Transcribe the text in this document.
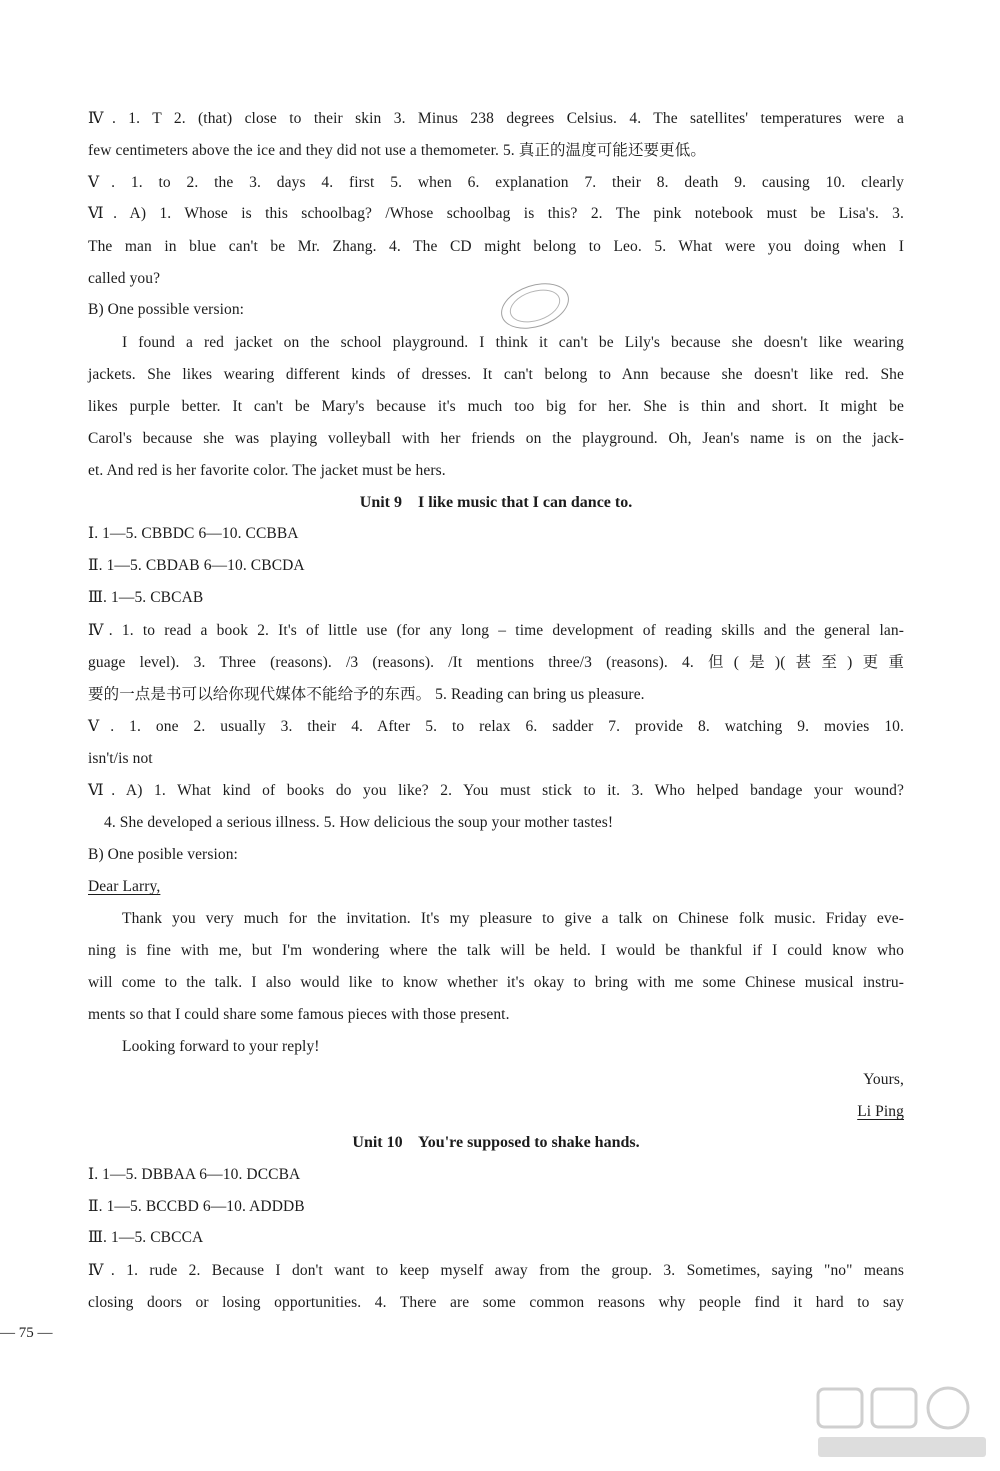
Ⅳ. 1. T 2. (that) close to their skin 3. Minus 238 degrees Celsius. 4. The satellites' temperatures were a
few centimeters above the ice and they did not use a themometer. 5. 真正的温度可能还要更低。
Ⅴ. 1. to 2. the 3. days 4. first 5. when 6. explanation 7. their 8. death 9. causing 10. clearly
Ⅵ. A) 1. Whose is this schoolbag? /Whose schoolbag is this? 2. The pink notebook must be Lisa's. 3.
The man in blue can't be Mr. Zhang. 4. The CD might belong to Leo. 5. What were you doing when I
called you?
B) One possible version:
I found a red jacket on the school playground. I think it can't be Lily's because she doesn't like wearing
jackets. She likes wearing different kinds of dresses. It can't belong to Ann because she doesn't like red. She
likes purple better. It can't be Mary's because it's much too big for her. She is thin and short. It might be
Carol's because she was playing volleyball with her friends on the playground. Oh, Jean's name is on the jack-
et. And red is her favorite color. The jacket must be hers.
Unit 9    I like music that I can dance to.
Ⅰ. 1—5. CBBDC 6—10. CCBBA
Ⅱ. 1—5. CBDAB 6—10. CBCDA
Ⅲ. 1—5. CBCAB
Ⅳ. 1. to read a book 2. It's of little use (for any long – time development of reading skills and the general lan-
guage level). 3. Three (reasons). /3 (reasons). /It mentions three/3 (reasons). 4. 但(是)(甚至)更重
要的一点是书可以给你现代媒体不能给予的东西。 5. Reading can bring us pleasure.
Ⅴ. 1. one 2. usually 3. their 4. After 5. to relax 6. sadder 7. provide 8. watching 9. movies 10.
isn't/is not
Ⅵ. A) 1. What kind of books do you like? 2. You must stick to it. 3. Who helped bandage your wound?
4. She developed a serious illness. 5. How delicious the soup your mother tastes!
B) One posible version:
Dear Larry,
Thank you very much for the invitation. It's my pleasure to give a talk on Chinese folk music. Friday eve-
ning is fine with me, but I'm wondering where the talk will be held. I would be thankful if I could know who
will come to the talk. I also would like to know whether it's okay to bring with me some Chinese musical instru-
ments so that I could share some famous pieces with those present.
Looking forward to your reply!
Yours,
Li Ping
Unit 10    You're supposed to shake hands.
Ⅰ. 1—5. DBBAA 6—10. DCCBA
Ⅱ. 1—5. BCCBD 6—10. ADDDB
Ⅲ. 1—5. CBCCA
Ⅳ. 1. rude 2. Because I don't want to keep myself away from the group. 3. Sometimes, saying "no" means
closing doors or losing opportunities. 4. There are some common reasons why people find it hard to say
— 75 —
